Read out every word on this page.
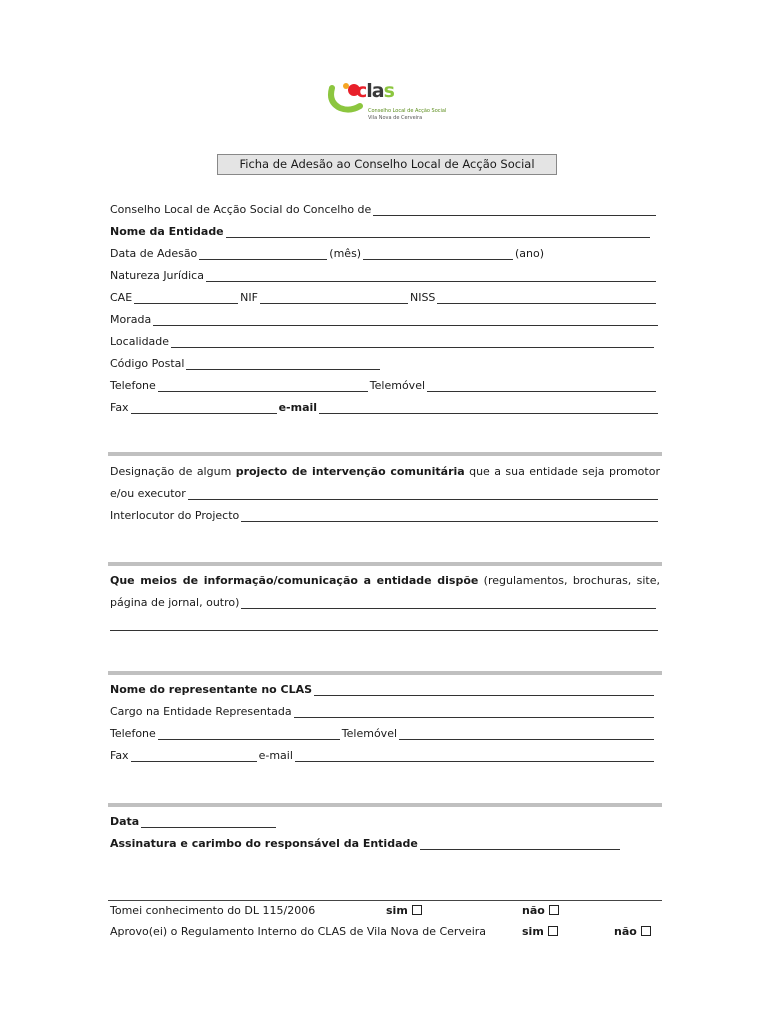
clas
Conselho Local de Acção Social
Vila Nova de Cerveira
Ficha de Adesão ao Conselho Local de Acção Social
Conselho Local de Acção Social do Concelho de
Nome da Entidade
Data de Adesão	(mês)	(ano)
Natureza Jurídica
CAE	NIF	NISS
Morada
Localidade
Código Postal
Telefone	Telemóvel
Fax	e-mail
Designação de algum projecto de intervenção comunitária que a sua entidade seja promotor
e/ou executor
Interlocutor do Projecto
Que meios de informação/comunicação a entidade dispõe (regulamentos, brochuras, site,
página de jornal, outro)
Nome do representante no CLAS
Cargo na Entidade Representada
Telefone	Telemóvel
Fax	e-mail
Data
Assinatura e carimbo do responsável da Entidade
Tomei conhecimento do DL 115/2006	sim	não
Aprovo(ei) o Regulamento Interno do CLAS de Vila Nova de Cerveira	sim	não
